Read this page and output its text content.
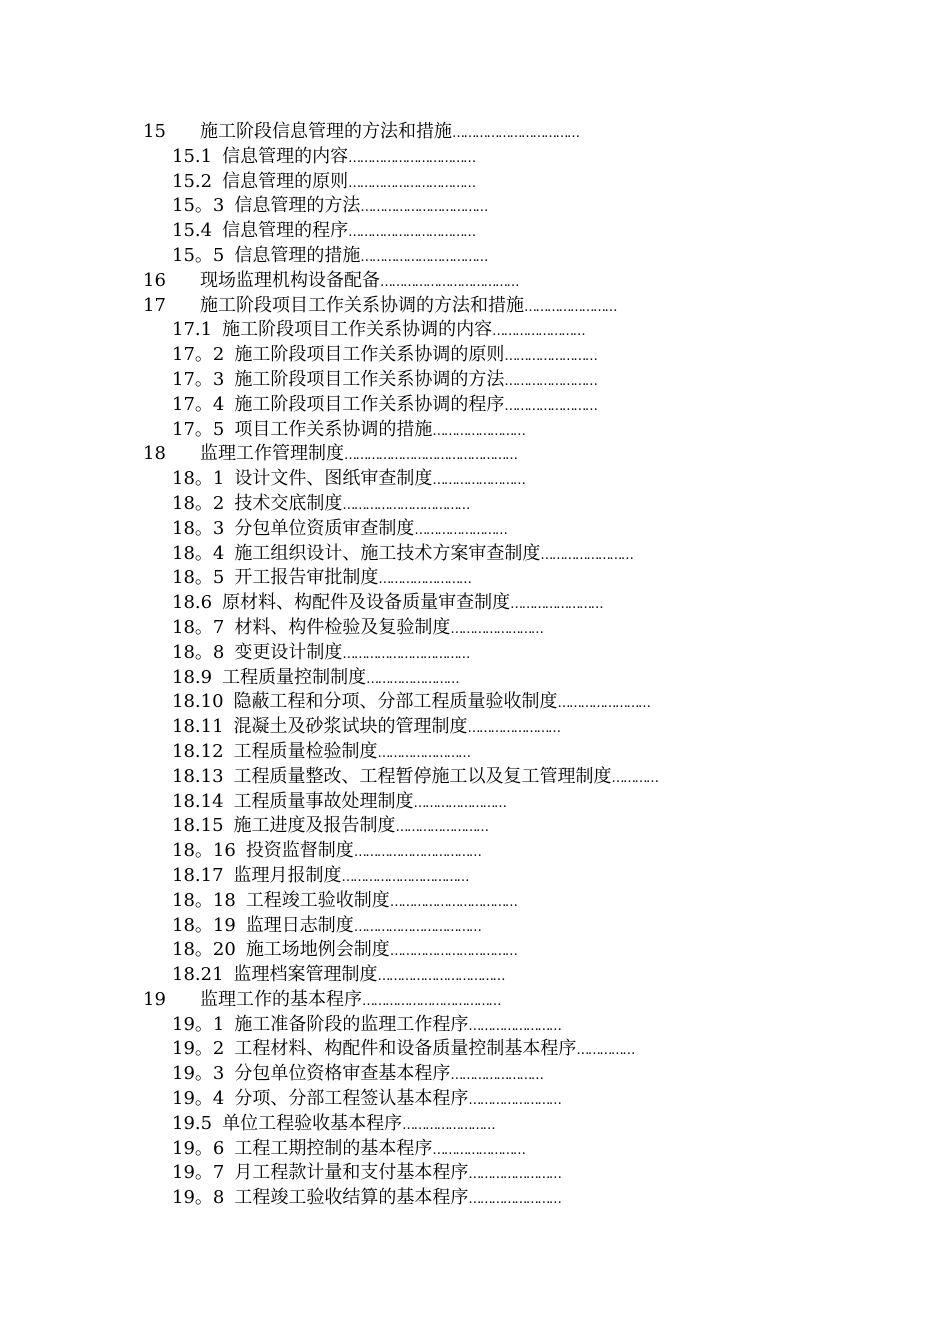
15	施工阶段信息管理的方法和措施 ……………………………
15.1 信息管理的内容 ……………………………
15.2 信息管理的原则 ……………………………
15。3 信息管理的方法 ……………………………
15.4 信息管理的程序 ……………………………
15。5 信息管理的措施 ……………………………
16	现场监理机构设备配备 ………………………………
17	施工阶段项目工作关系协调的方法和措施 ……………………
17.1 施工阶段项目工作关系协调的内容 ……………………
17。2 施工阶段项目工作关系协调的原则 ……………………
17。3 施工阶段项目工作关系协调的方法 ……………………
17。4 施工阶段项目工作关系协调的程序 ……………………
17。5 项目工作关系协调的措施 ……………………
18	监理工作管理制度 ………………………………………
18。1 设计文件、图纸审查制度 ……………………
18。2 技术交底制度 ……………………………
18。3 分包单位资质审查制度 ……………………
18。4 施工组织设计、施工技术方案审查制度 ……………………
18。5 开工报告审批制度 ……………………
18.6 原材料、构配件及设备质量审查制度 ……………………
18。7 材料、构件检验及复验制度 ……………………
18。8 变更设计制度 ……………………………
18.9 工程质量控制制度 ……………………
18.10 隐蔽工程和分项、分部工程质量验收制度 ……………………
18.11 混凝土及砂浆试块的管理制度 ……………………
18.12 工程质量检验制度 ……………………
18.13 工程质量整改、工程暂停施工以及复工管理制度 …………
18.14 工程质量事故处理制度 ……………………
18.15 施工进度及报告制度 ……………………
18。16 投资监督制度 ……………………………
18.17 监理月报制度 ……………………………
18。18 工程竣工验收制度 ……………………………
18。19 监理日志制度 ……………………………
18。20 施工场地例会制度 ……………………………
18.21 监理档案管理制度 ……………………………
19	监理工作的基本程序 ………………………………
19。1 施工准备阶段的监理工作程序 ……………………
19。2 工程材料、构配件和设备质量控制基本程序 ……………
19。3 分包单位资格审查基本程序 ……………………
19。4 分项、分部工程签认基本程序 ……………………
19.5 单位工程验收基本程序 ……………………
19。6 工程工期控制的基本程序 ……………………
19。7 月工程款计量和支付基本程序 ……………………
19。8 工程竣工验收结算的基本程序 ……………………
